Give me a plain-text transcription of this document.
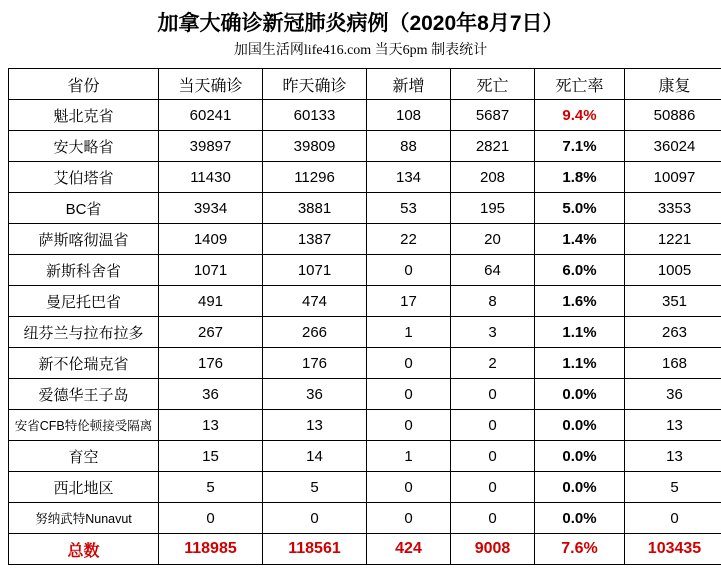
加拿大确诊新冠肺炎病例（2020年8月7日）
加国生活网life416.com 当天6pm 制表统计
省份	当天确诊	昨天确诊	新增	死亡	死亡率	康复
魁北克省	60241	60133	108	5687	9.4%	50886
安大略省	39897	39809	88	2821	7.1%	36024
艾伯塔省	11430	11296	134	208	1.8%	10097
BC省	3934	3881	53	195	5.0%	3353
萨斯喀彻温省	1409	1387	22	20	1.4%	1221
新斯科舍省	1071	1071	0	64	6.0%	1005
曼尼托巴省	491	474	17	8	1.6%	351
纽芬兰与拉布拉多	267	266	1	3	1.1%	263
新不伦瑞克省	176	176	0	2	1.1%	168
爱德华王子岛	36	36	0	0	0.0%	36
安省CFB特伦顿接受隔离	13	13	0	0	0.0%	13
育空	15	14	1	0	0.0%	13
西北地区	5	5	0	0	0.0%	5
努纳武特Nunavut	0	0	0	0	0.0%	0
总数	118985	118561	424	9008	7.6%	103435
